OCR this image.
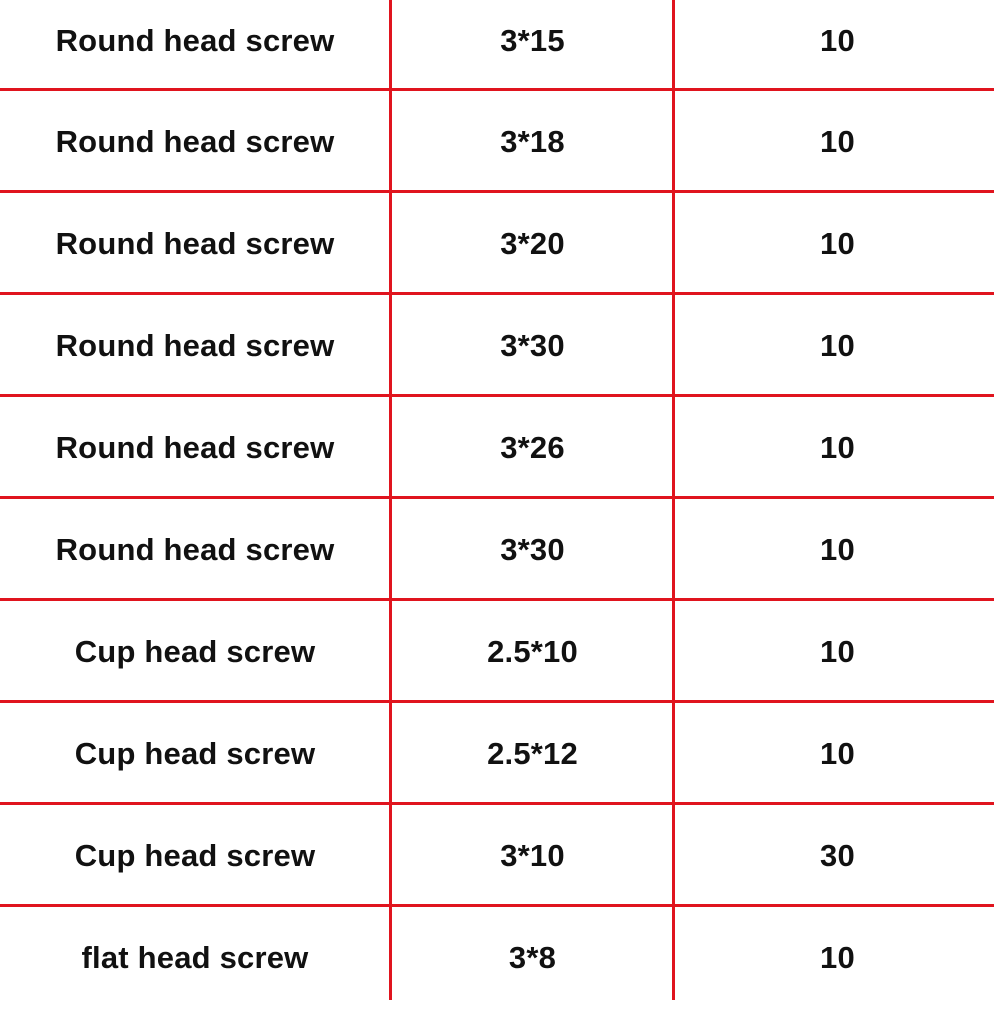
Round head screw	3*15	10
Round head screw	3*18	10
Round head screw	3*20	10
Round head screw	3*30	10
Round head screw	3*26	10
Round head screw	3*30	10
Cup head screw	2.5*10	10
Cup head screw	2.5*12	10
Cup head screw	3*10	30
flat head screw	3*8	10
